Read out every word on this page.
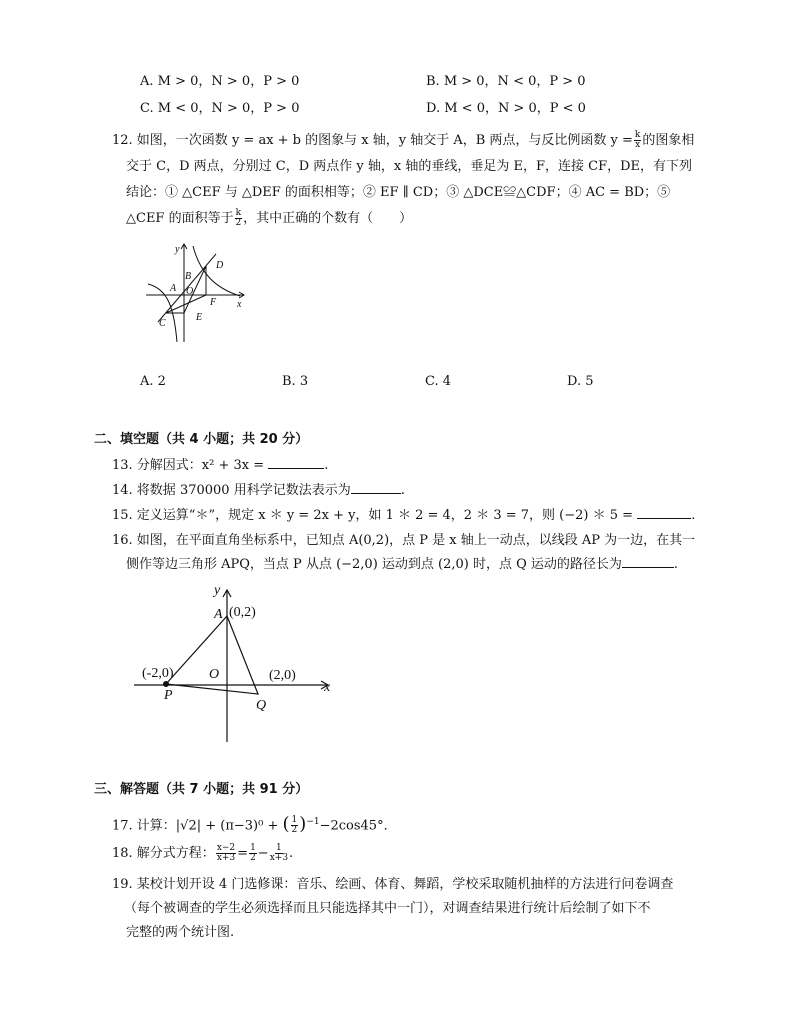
A. M > 0，N > 0，P > 0	B. M > 0，N < 0，P > 0
C. M < 0，N > 0，P > 0	D. M < 0，N > 0，P < 0
12. 如图，一次函数 y = ax + b 的图象与 x 轴，y 轴交于 A，B 两点，与反比例函数 $y = \frac{k}{x}$ 的图象相
交于 C，D 两点，分别过 C，D 两点作 y 轴，x 轴的垂线，垂足为 E，F，连接 CF，DE，有下列
结论：① △CEF 与 △DEF 的面积相等；② EF ∥ CD；③ △DCE≌△CDF；④ AC = BD；⑤
△CEF 的面积等于 $\frac{k}{2}$ ，其中正确的个数有（　　）
y
x
A
B
O
D
F
C
E
A. 2	B. 3	C. 4	D. 5
二、填空题（共 4 小题；共 20 分）
13. 分解因式：x² + 3x =	.
14. 将数据 370000 用科学记数法表示为	.
15. 定义运算“＊”，规定 x ＊ y = 2x + y，如 1 ＊ 2 = 4，2 ＊ 3 = 7，则 (−2) ＊ 5 =	.
16. 如图，在平面直角坐标系中，已知点 A(0,2)，点 P 是 x 轴上一动点，以线段 AP 为一边，在其一
侧作等边三角形 APQ，当点 P 从点 (−2,0) 运动到点 (2,0) 时，点 Q 运动的路径长为	.
y
x
A (0,2)
O
(-2,0)	(2,0)
P
Q
三、解答题（共 7 小题；共 91 分）
17. 计算：|√2| + (π−3)⁰ + ( $\frac{1}{2} )^{-1}-2\cos 45^\circ$．
18. 解分式方程： $\frac{x-2}{x+3} = \frac{1}{2} - \frac{1}{x+3}$ .
19. 某校计划开设 4 门选修课：音乐、绘画、体育、舞蹈，学校采取随机抽样的方法进行问卷调查
（每个被调查的学生必须选择而且只能选择其中一门），对调查结果进行统计后绘制了如下不
完整的两个统计图.
